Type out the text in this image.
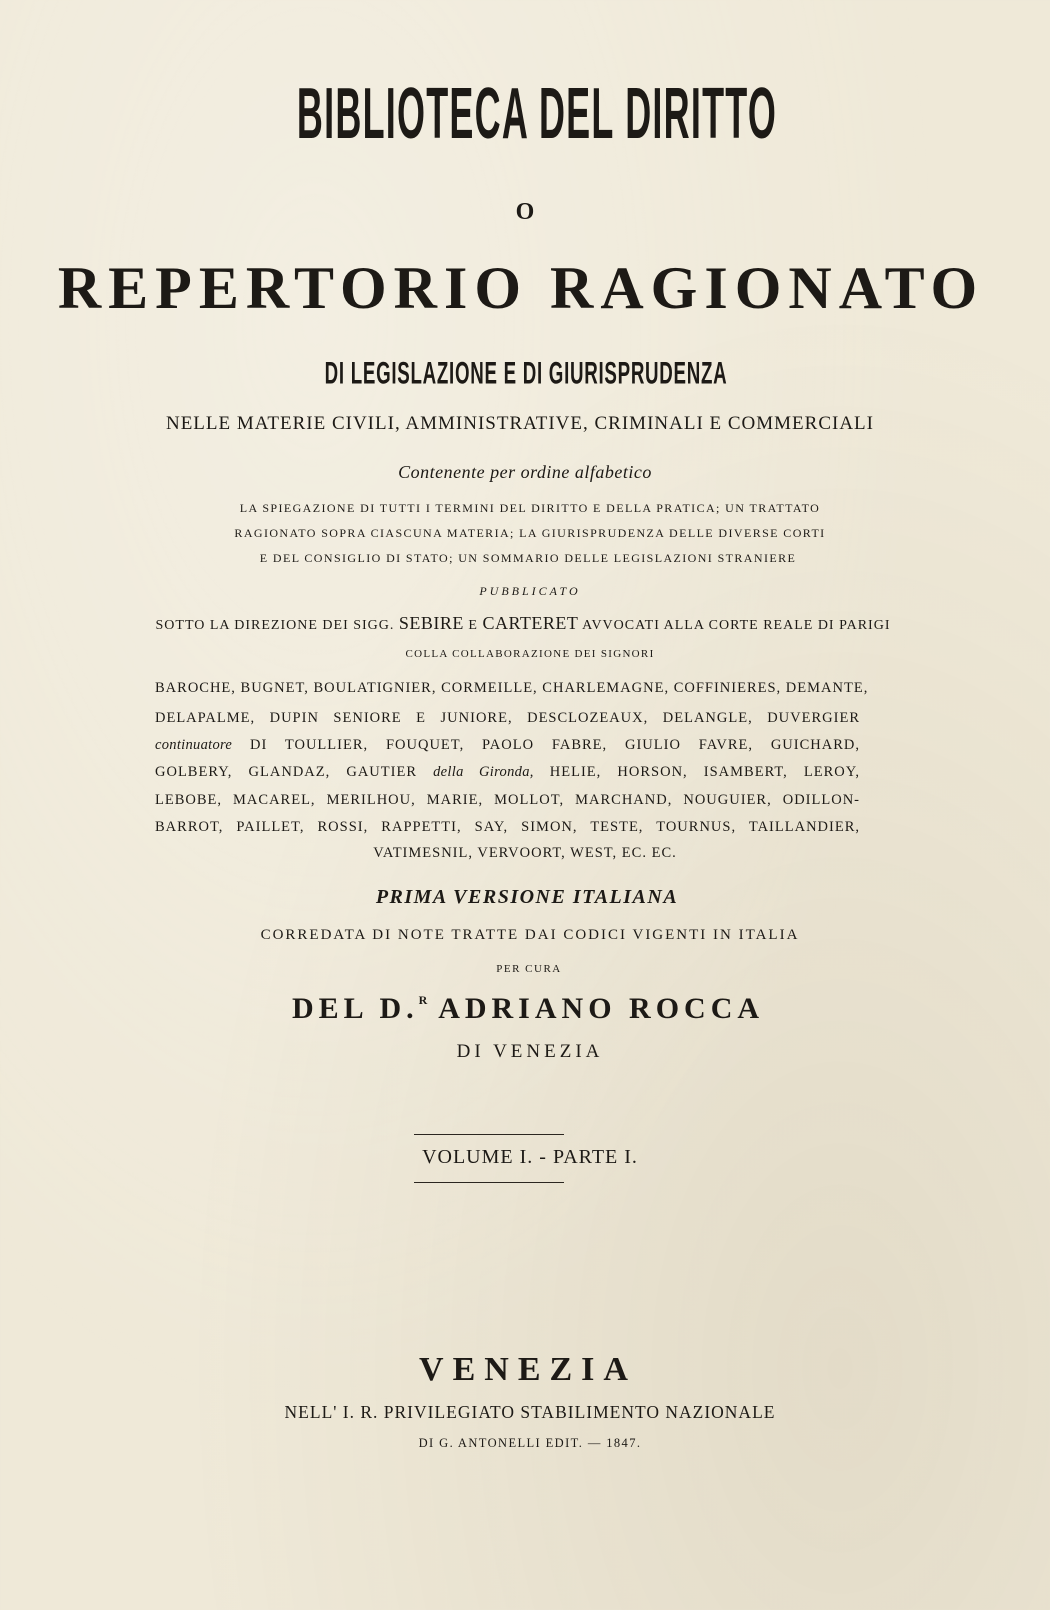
BIBLIOTECA DEL DIRITTO
O
REPERTORIO RAGIONATO
DI LEGISLAZIONE E DI GIURISPRUDENZA
NELLE MATERIE CIVILI, AMMINISTRATIVE, CRIMINALI E COMMERCIALI
Contenente per ordine alfabetico
LA SPIEGAZIONE DI TUTTI I TERMINI DEL DIRITTO E DELLA PRATICA; UN TRATTATO
RAGIONATO SOPRA CIASCUNA MATERIA; LA GIURISPRUDENZA DELLE DIVERSE CORTI
E DEL CONSIGLIO DI STATO; UN SOMMARIO DELLE LEGISLAZIONI STRANIERE
PUBBLICATO
SOTTO LA DIREZIONE DEI SIGG. SEBIRE E CARTERET AVVOCATI ALLA CORTE REALE DI PARIGI
COLLA COLLABORAZIONE DEI SIGNORI
BAROCHE, BUGNET, BOULATIGNIER, CORMEILLE, CHARLEMAGNE, COFFINIERES, DEMANTE,
DELAPALME, DUPIN SENIORE E JUNIORE, DESCLOZEAUX, DELANGLE, DUVERGIER
continuatore DI TOULLIER, FOUQUET, PAOLO FABRE, GIULIO FAVRE, GUICHARD,
GOLBERY, GLANDAZ, GAUTIER della Gironda, HELIE, HORSON, ISAMBERT, LEROY,
LEBOBE, MACAREL, MERILHOU, MARIE, MOLLOT, MARCHAND, NOUGUIER, ODILLON-
BARROT, PAILLET, ROSSI, RAPPETTI, SAY, SIMON, TESTE, TOURNUS, TAILLANDIER,
VATIMESNIL, VERVOORT, WEST, EC. EC.
PRIMA VERSIONE ITALIANA
CORREDATA DI NOTE TRATTE DAI CODICI VIGENTI IN ITALIA
PER CURA
DEL D.$^R$ ADRIANO ROCCA
DI VENEZIA
VOLUME I. - PARTE I.
VENEZIA
NELL' I. R. PRIVILEGIATO STABILIMENTO NAZIONALE
DI G. ANTONELLI EDIT. — 1847.
